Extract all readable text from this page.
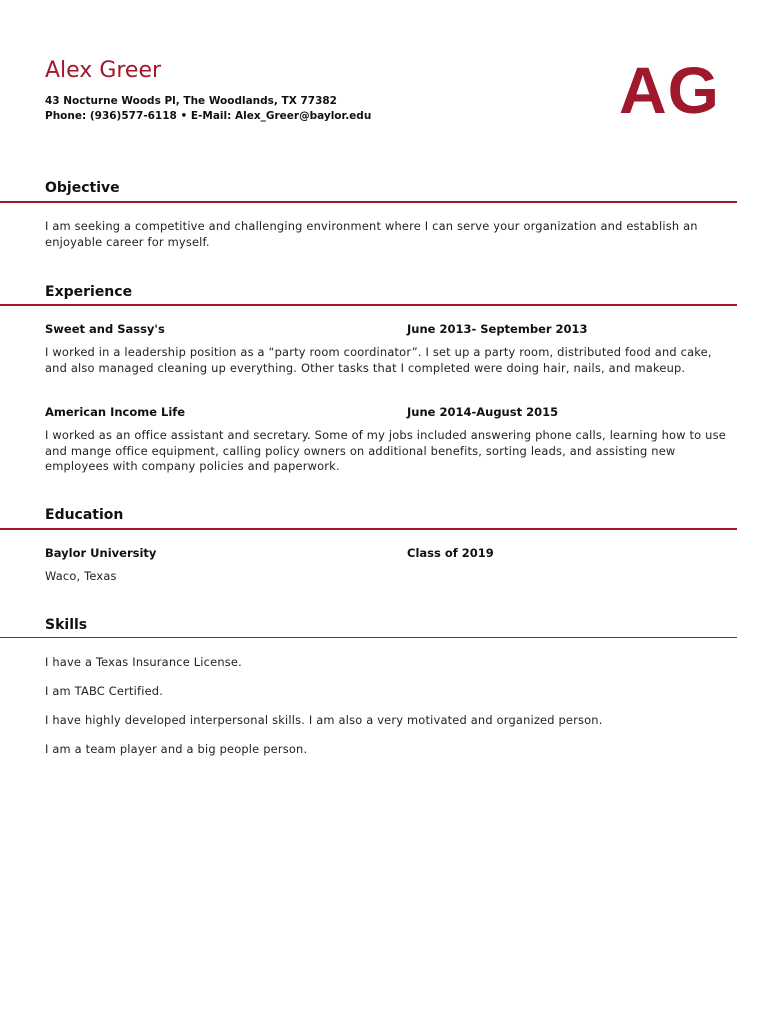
Alex Greer
43 Nocturne Woods Pl, The Woodlands, TX 77382
Phone: (936)577-6118 • E-Mail: Alex_Greer@baylor.edu	AG
Objective

I am seeking a competitive and challenging environment where I can serve your organization and establish an enjoyable career for myself.

Experience
Sweet and Sassy's	June 2013- September 2013

I worked in a leadership position as a “party room coordinator”. I set up a party room, distributed food and cake, and also managed cleaning up everything. Other tasks that I completed were doing hair, nails, and makeup.

American Income Life	June 2014-August 2015

I worked as an office assistant and secretary. Some of my jobs included answering phone calls, learning how to use and mange office equipment, calling policy owners on additional benefits, sorting leads, and assisting new employees with company policies and paperwork.

Education
Baylor University	Class of 2019

Waco, Texas

Skills

I have a Texas Insurance License.

I am TABC Certified.

I have highly developed interpersonal skills. I am also a very motivated and organized person.

I am a team player and a big people person.
